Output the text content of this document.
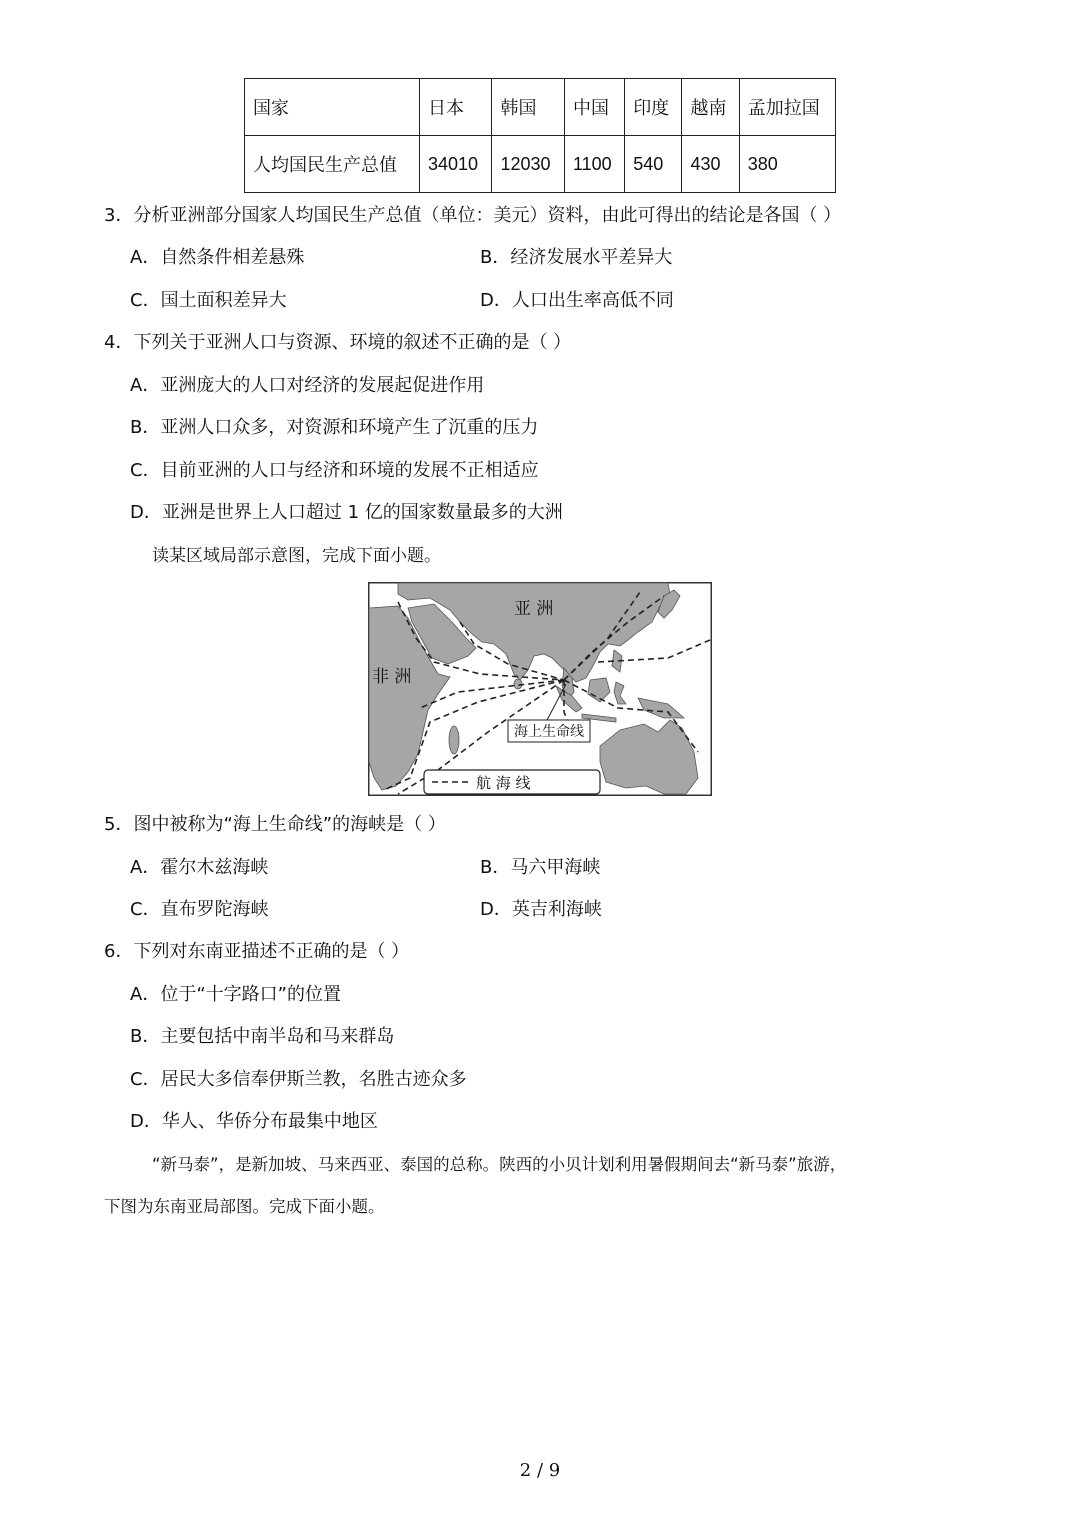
国家	日本	韩国	中国	印度	越南	孟加拉国
人均国民生产总值	34010	12030	1100	540	430	380
3．分析亚洲部分国家人均国民生产总值（单位：美元）资料，由此可得出的结论是各国（ ）
A．自然条件相差悬殊	B．经济发展水平差异大
C．国土面积差异大	D．人口出生率高低不同
4．下列关于亚洲人口与资源、环境的叙述不正确的是（ ）
A．亚洲庞大的人口对经济的发展起促进作用
B．亚洲人口众多，对资源和环境产生了沉重的压力
C．目前亚洲的人口与经济和环境的发展不正相适应
D．亚洲是世界上人口超过 1 亿的国家数量最多的大洲
读某区域局部示意图，完成下面小题。
亚 洲
非 洲
海上生命线
航 海 线
5．图中被称为“海上生命线”的海峡是（ ）
A．霍尔木兹海峡	B．马六甲海峡
C．直布罗陀海峡	D．英吉利海峡
6．下列对东南亚描述不正确的是（ ）
A．位于“十字路口”的位置
B．主要包括中南半岛和马来群岛
C．居民大多信奉伊斯兰教，名胜古迹众多
D．华人、华侨分布最集中地区
“新马泰”，是新加坡、马来西亚、泰国的总称。陕西的小贝计划利用暑假期间去“新马泰”旅游，
下图为东南亚局部图。完成下面小题。
2 / 9
